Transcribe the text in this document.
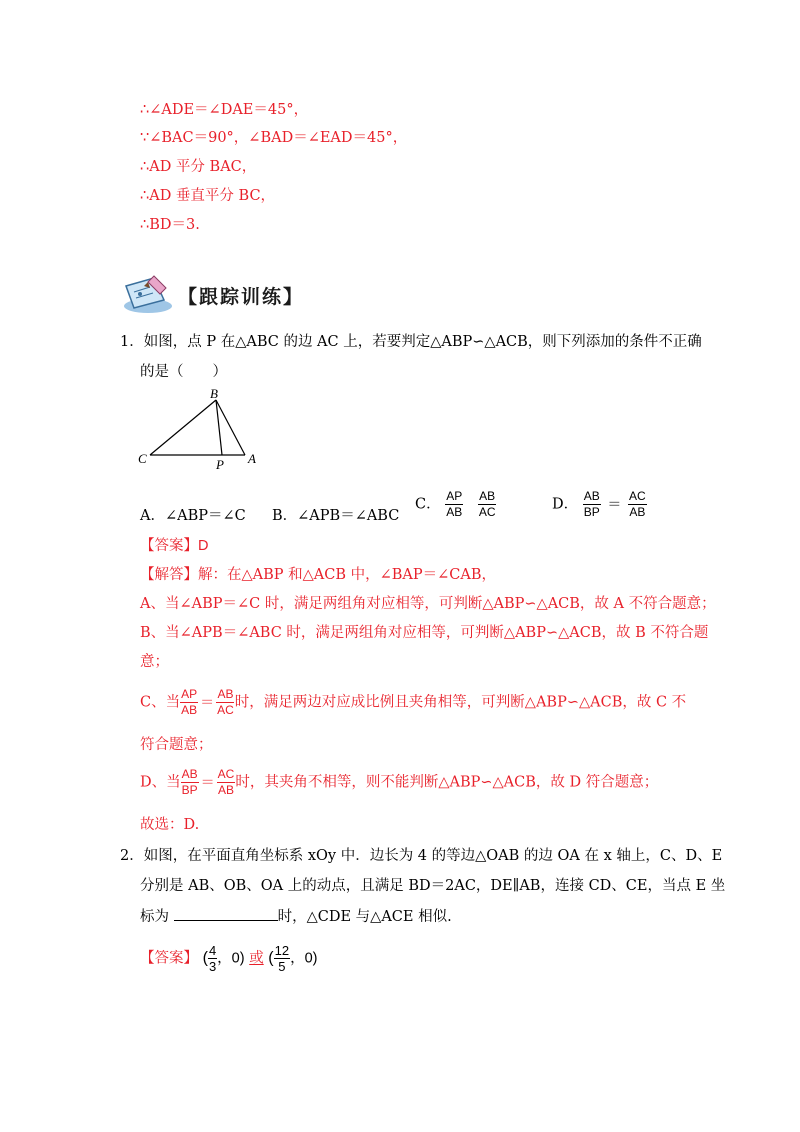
∴∠ADE＝∠DAE＝45°，
∵∠BAC＝90°，∠BAD＝∠EAD＝45°，
∴AD 平分 BAC，
∴AD 垂直平分 BC，
∴BD＝3.
【跟踪训练】
1．如图，点 P 在△ABC 的边 AC 上，若要判定△ABP∽△ACB，则下列添加的条件不正确
的是（　　）
B
C	P A
A．∠ABP＝∠C B．∠APB＝∠ABC
C． $\frac{AP}{AB}$
$\frac{AB}{AC}$	D． $\frac{AB}{BP} = \frac{AC}{AB}$
【答案】D
【解答】解：在△ABP 和△ACB 中，∠BAP＝∠CAB，
A、当∠ABP＝∠C 时，满足两组角对应相等，可判断△ABP∽△ACB，故 A 不符合题意；
B、当∠APB＝∠ABC 时，满足两组角对应相等，可判断△ABP∽△ACB，故 B 不符合题
意；
C、当 $\frac{AP}{AB} = \frac{AB}{AC}$ 时，满足两边对应成比例且夹角相等，可判断△ABP∽△ACB，故 C 不
符合题意；
D、当 $\frac{AB}{BP} = \frac{AC}{AB}$ 时，其夹角不相等，则不能判断△ABP∽△ACB，故 D 符合题意；
故选：D.
2．如图，在平面直角坐标系 xOy 中．边长为 4 的等边△OAB 的边 OA 在 x 轴上，C、D、E
分别是 AB、OB、OA 上的动点，且满足 BD＝2AC，DE∥AB，连接 CD、CE，当点 E 坐
标为	时，△CDE 与△ACE 相似.
【答案】 ( $\frac{4}{3}$ ，0) 或 ( $\frac{12}{5}$ ，0)
